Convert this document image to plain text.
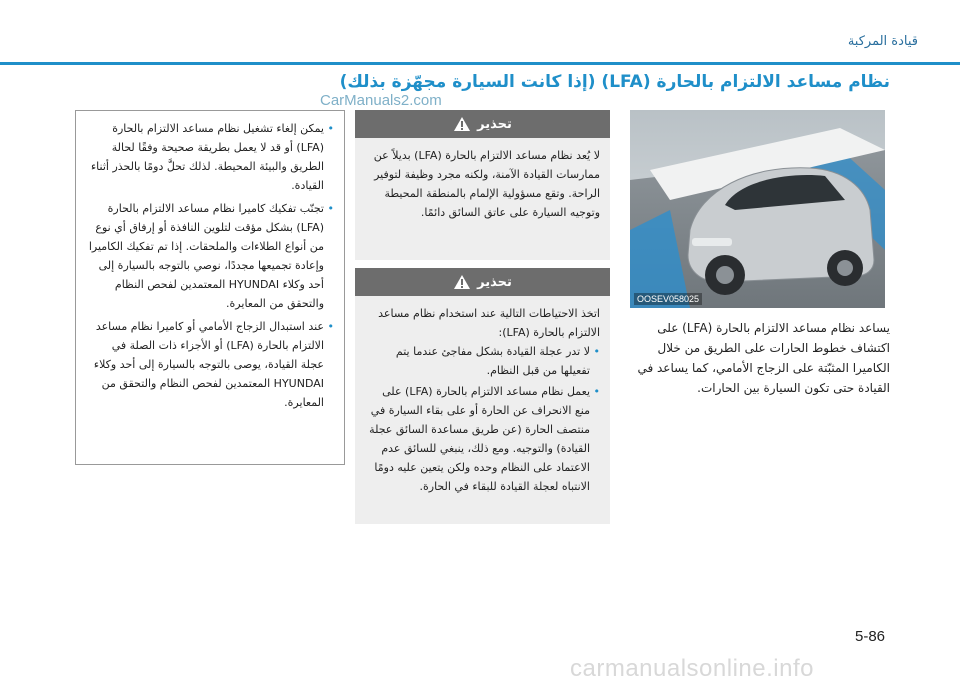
قيادة المركبة
نظام مساعد الالتزام بالحارة (LFA) (إذا كانت السيارة مجهّزة بذلك)
CarManuals2.com
OOSEV058025
يساعد نظام مساعد الالتزام بالحارة (LFA) على اكتشاف خطوط الحارات على الطريق من خلال الكاميرا المثبّتة على الزجاج الأمامي، كما يساعد في القيادة حتى تكون السيارة بين الحارات.
تحذير
لا يُعد نظام مساعد الالتزام بالحارة (LFA) بديلاً عن ممارسات القيادة الآمنة، ولكنه مجرد وظيفة لتوفير الراحة. وتقع مسؤولية الإلمام بالمنطقة المحيطة وتوجيه السيارة على عاتق السائق دائمًا.
تحذير
اتخذ الاحتياطات التالية عند استخدام نظام مساعد الالتزام بالحارة (LFA):
• لا تدر عجلة القيادة بشكل مفاجئ عندما يتم تفعيلها من قبل النظام.
• يعمل نظام مساعد الالتزام بالحارة (LFA) على منع الانحراف عن الحارة أو على بقاء السيارة في منتصف الحارة (عن طريق مساعدة السائق عجلة القيادة) والتوجيه. ومع ذلك، ينبغي للسائق عدم الاعتماد على النظام وحده ولكن يتعين عليه دومًا الانتباه لعجلة القيادة للبقاء في الحارة.
• يمكن إلغاء تشغيل نظام مساعد الالتزام بالحارة (LFA) أو قد لا يعمل بطريقة صحيحة وفقًا لحالة الطريق والبيئة المحيطة. لذلك تحلَّ دومًا بالحذر أثناء القيادة.
• تجنّب تفكيك كاميرا نظام مساعد الالتزام بالحارة (LFA) بشكل مؤقت لتلوين النافذة أو إرفاق أي نوع من أنواع الطلاءات والملحقات. إذا تم تفكيك الكاميرا وإعادة تجميعها مجددًا، نوصي بالتوجه بالسيارة إلى أحد وكلاء HYUNDAI المعتمدين لفحص النظام والتحقق من المعايرة.
• عند استبدال الزجاج الأمامي أو كاميرا نظام مساعد الالتزام بالحارة (LFA) أو الأجزاء ذات الصلة في عجلة القيادة، يوصى بالتوجه بالسيارة إلى أحد وكلاء HYUNDAI المعتمدين لفحص النظام والتحقق من المعايرة.
5-86
carmanualsonline.info
